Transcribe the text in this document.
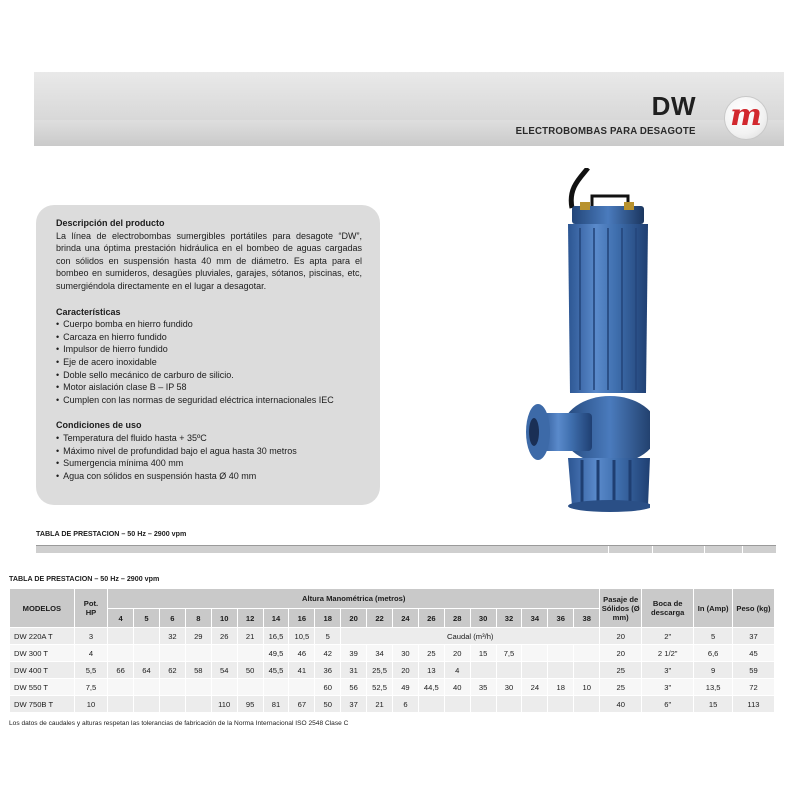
DW
ELECTROBOMBAS PARA DESAGOTE m
Descripción del producto

La línea de electrobombas sumergibles portátiles para desagote “DW”, brinda una óptima prestación hidráulica en el bombeo de aguas cargadas con sólidos en suspensión hasta 40 mm de diámetro. Es apta para el bombeo en sumideros, desagües pluviales, garajes, sótanos, piscinas, etc, sumergiéndola directamente en el lugar a desagotar.

Características
• Cuerpo bomba en hierro fundido
• Carcaza en hierro fundido
• Impulsor de hierro fundido
• Eje de acero inoxidable
• Doble sello mecánico de carburo de silicio.
• Motor aislación clase B – IP 58
• Cumplen con las normas de seguridad eléctrica internacionales IEC
Condiciones de uso
• Temperatura del fluido hasta + 35ºC
• Máximo nivel de profundidad bajo el agua hasta 30 metros
• Sumergencia mínima 400 mm
• Agua con sólidos en suspensión hasta Ø 40 mm
TABLA DE PRESTACION – 50 Hz – 2900 vpm
TABLA DE PRESTACION – 50 Hz – 2900 vpm
MODELOS	Pot.
HP	Altura Manométrica (metros)																			Pasaje de Sólidos (Ø mm)	Boca de descarga	In (Amp)	Peso (kg)
		4	5	6	8	10	12	14	16	18	20	22	24	26	28	30	32	34	36	38				
DW 220A T	3			32	29	26	21	16,5	10,5	5	Caudal (m³/h)										20	2"	5	37
DW 300 T	4							49,5	46	42	39	34	30	25	20	15	7,5				20	2 1/2"	6,6	45
DW 400 T	5,5	66	64	62	58	54	50	45,5	41	36	31	25,5	20	13	4						25	3"	9	59
DW 550 T	7,5									60	56	52,5	49	44,5	40	35	30	24	18	10	25	3"	13,5	72
DW 750B T	10					110	95	81	67	50	37	21	6								40	6"	15	113
Los datos de caudales y alturas respetan las tolerancias de fabricación de la Norma Internacional ISO 2548 Clase C
